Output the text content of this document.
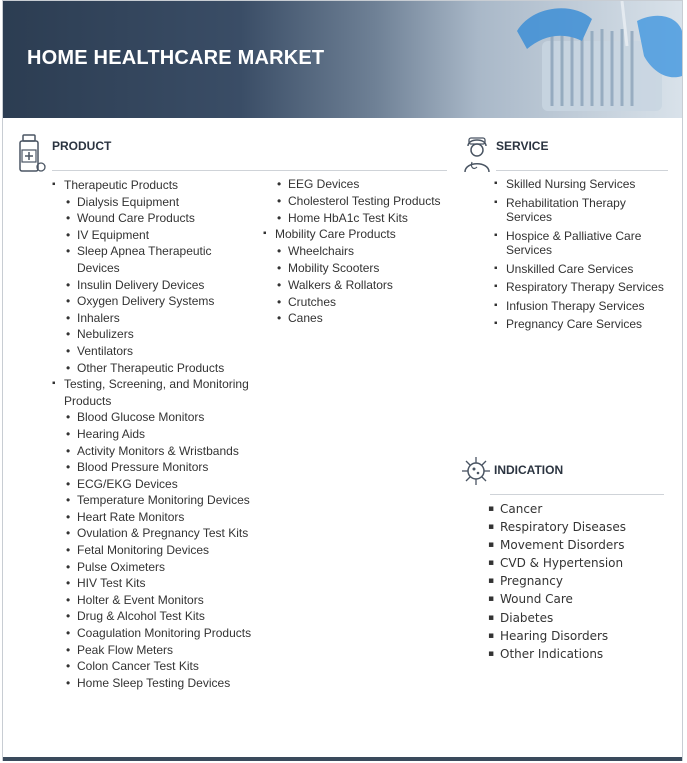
HOME HEALTHCARE MARKET
PRODUCT
▪ Therapeutic Products
• Dialysis Equipment
• Wound Care Products
• IV Equipment
• Sleep Apnea Therapeutic Devices
• Insulin Delivery Devices
• Oxygen Delivery Systems
• Inhalers
• Nebulizers
• Ventilators
• Other Therapeutic Products
▪ Testing, Screening, and Monitoring Products
• Blood Glucose Monitors
• Hearing Aids
• Activity Monitors & Wristbands
• Blood Pressure Monitors
• ECG/EKG Devices
• Temperature Monitoring Devices
• Heart Rate Monitors
• Ovulation & Pregnancy Test Kits
• Fetal Monitoring Devices
• Pulse Oximeters
• HIV Test Kits
• Holter & Event Monitors
• Drug & Alcohol Test Kits
• Coagulation Monitoring Products
• Peak Flow Meters
• Colon Cancer Test Kits
• Home Sleep Testing Devices
• EEG Devices
• Cholesterol Testing Products
• Home HbA1c Test Kits
▪ Mobility Care Products
• Wheelchairs
• Mobility Scooters
• Walkers & Rollators
• Crutches
• Canes
SERVICE
▪ Skilled Nursing Services
▪ Rehabilitation Therapy Services
▪ Hospice & Palliative Care Services
▪ Unskilled Care Services
▪ Respiratory Therapy Services
▪ Infusion Therapy Services
▪ Pregnancy Care Services
INDICATION
▪ Cancer
▪ Respiratory Diseases
▪ Movement Disorders
▪ CVD & Hypertension
▪ Pregnancy
▪ Wound Care
▪ Diabetes
▪ Hearing Disorders
▪ Other Indications
